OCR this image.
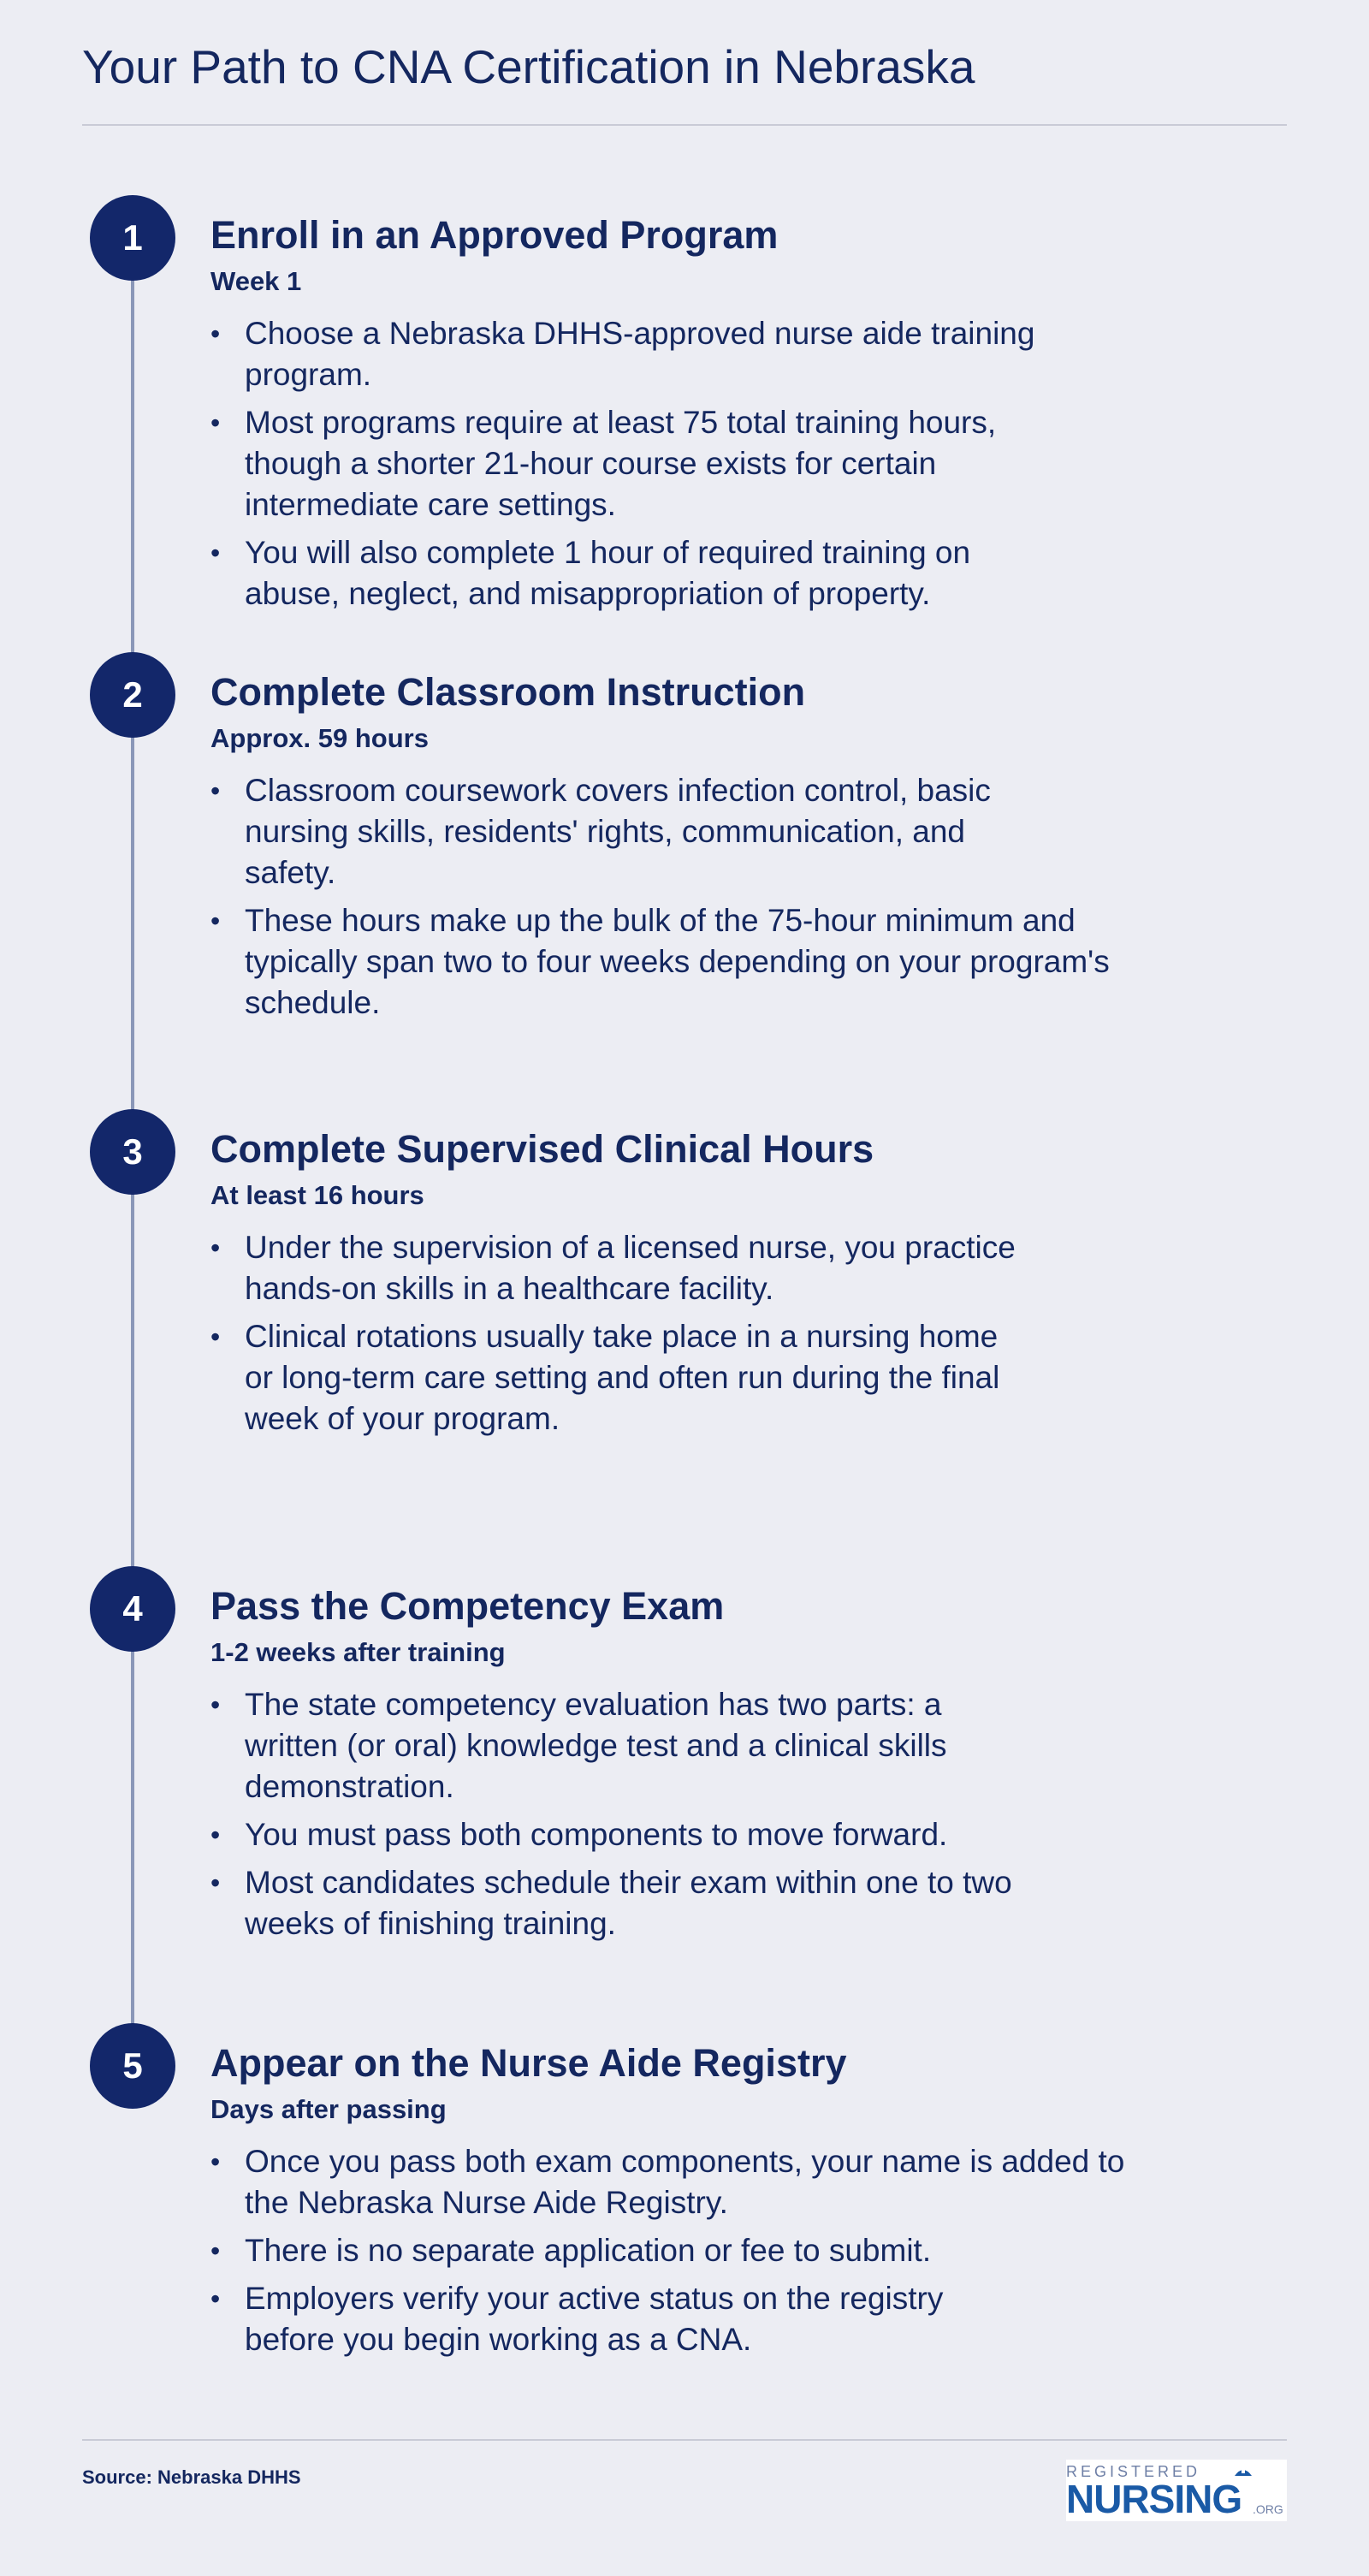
Your Path to CNA Certification in Nebraska
1	Enroll in an Approved Program
Week 1
• Choose a Nebraska DHHS-approved nurse aide training program.
• Most programs require at least 75 total training hours, though a shorter 21-hour course exists for certain intermediate care settings.
• You will also complete 1 hour of required training on abuse, neglect, and misappropriation of property.
2	Complete Classroom Instruction
Approx. 59 hours
• Classroom coursework covers infection control, basic nursing skills, residents' rights, communication, and safety.
• These hours make up the bulk of the 75-hour minimum and typically span two to four weeks depending on your program's schedule.
3	Complete Supervised Clinical Hours
At least 16 hours
• Under the supervision of a licensed nurse, you practice hands-on skills in a healthcare facility.
• Clinical rotations usually take place in a nursing home or long-term care setting and often run during the final week of your program.
4	Pass the Competency Exam
1-2 weeks after training
• The state competency evaluation has two parts: a written (or oral) knowledge test and a clinical skills demonstration.
• You must pass both components to move forward.
• Most candidates schedule their exam within one to two weeks of finishing training.
5	Appear on the Nurse Aide Registry
Days after passing
• Once you pass both exam components, your name is added to the Nebraska Nurse Aide Registry.
• There is no separate application or fee to submit.
• Employers verify your active status on the registry before you begin working as a CNA.
Source: Nebraska DHHS	REGISTERED
NURSING .ORG
